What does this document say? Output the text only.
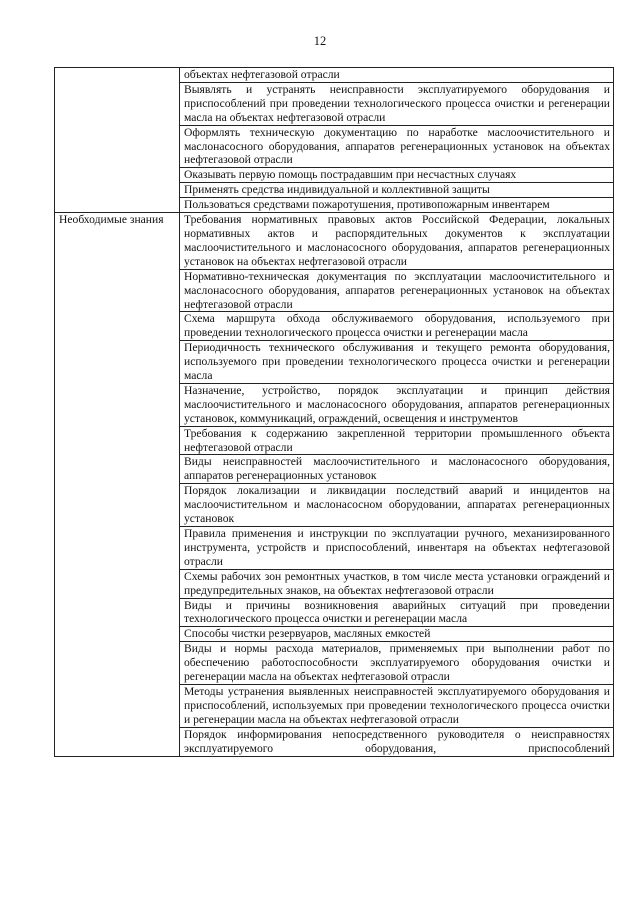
12
	объектах нефтегазовой отрасли
	Выявлять и устранять неисправности эксплуатируемого оборудования и приспособлений при проведении технологического процесса очистки и регенерации масла на объектах нефтегазовой отрасли
	Оформлять техническую документацию по наработке маслоочистительного и маслонасосного оборудования, аппаратов регенерационных установок на объектах нефтегазовой отрасли
	Оказывать первую помощь пострадавшим при несчастных случаях
	Применять средства индивидуальной и коллективной защиты
	Пользоваться средствами пожаротушения, противопожарным инвентарем
Необходимые знания	Требования нормативных правовых актов Российской Федерации, локальных нормативных актов и распорядительных документов к эксплуатации маслоочистительного и маслонасосного оборудования, аппаратов регенерационных установок на объектах нефтегазовой отрасли
	Нормативно-техническая документация по эксплуатации маслоочистительного и маслонасосного оборудования, аппаратов регенерационных установок на объектах нефтегазовой отрасли
	Схема маршрута обхода обслуживаемого оборудования, используемого при проведении технологического процесса очистки и регенерации масла
	Периодичность технического обслуживания и текущего ремонта оборудования, используемого при проведении технологического процесса очистки и регенерации масла
	Назначение, устройство, порядок эксплуатации и принцип действия маслоочистительного и маслонасосного оборудования, аппаратов регенерационных установок, коммуникаций, ограждений, освещения и инструментов
	Требования к содержанию закрепленной территории промышленного объекта нефтегазовой отрасли
	Виды неисправностей маслоочистительного и маслонасосного оборудования, аппаратов регенерационных установок
	Порядок локализации и ликвидации последствий аварий и инцидентов на маслоочистительном и маслонасосном оборудовании, аппаратах регенерационных установок
	Правила применения и инструкции по эксплуатации ручного, механизированного инструмента, устройств и приспособлений, инвентаря на объектах нефтегазовой отрасли
	Схемы рабочих зон ремонтных участков, в том числе места установки ограждений и предупредительных знаков, на объектах нефтегазовой отрасли
	Виды и причины возникновения аварийных ситуаций при проведении технологического процесса очистки и регенерации масла
	Способы чистки резервуаров, масляных емкостей
	Виды и нормы расхода материалов, применяемых при выполнении работ по обеспечению работоспособности эксплуатируемого оборудования очистки и регенерации масла на объектах нефтегазовой отрасли
	Методы устранения выявленных неисправностей эксплуатируемого оборудования и приспособлений, используемых при проведении технологического процесса очистки и регенерации масла на объектах нефтегазовой отрасли
	Порядок информирования непосредственного руководителя о неисправностях эксплуатируемого оборудования, приспособлений
